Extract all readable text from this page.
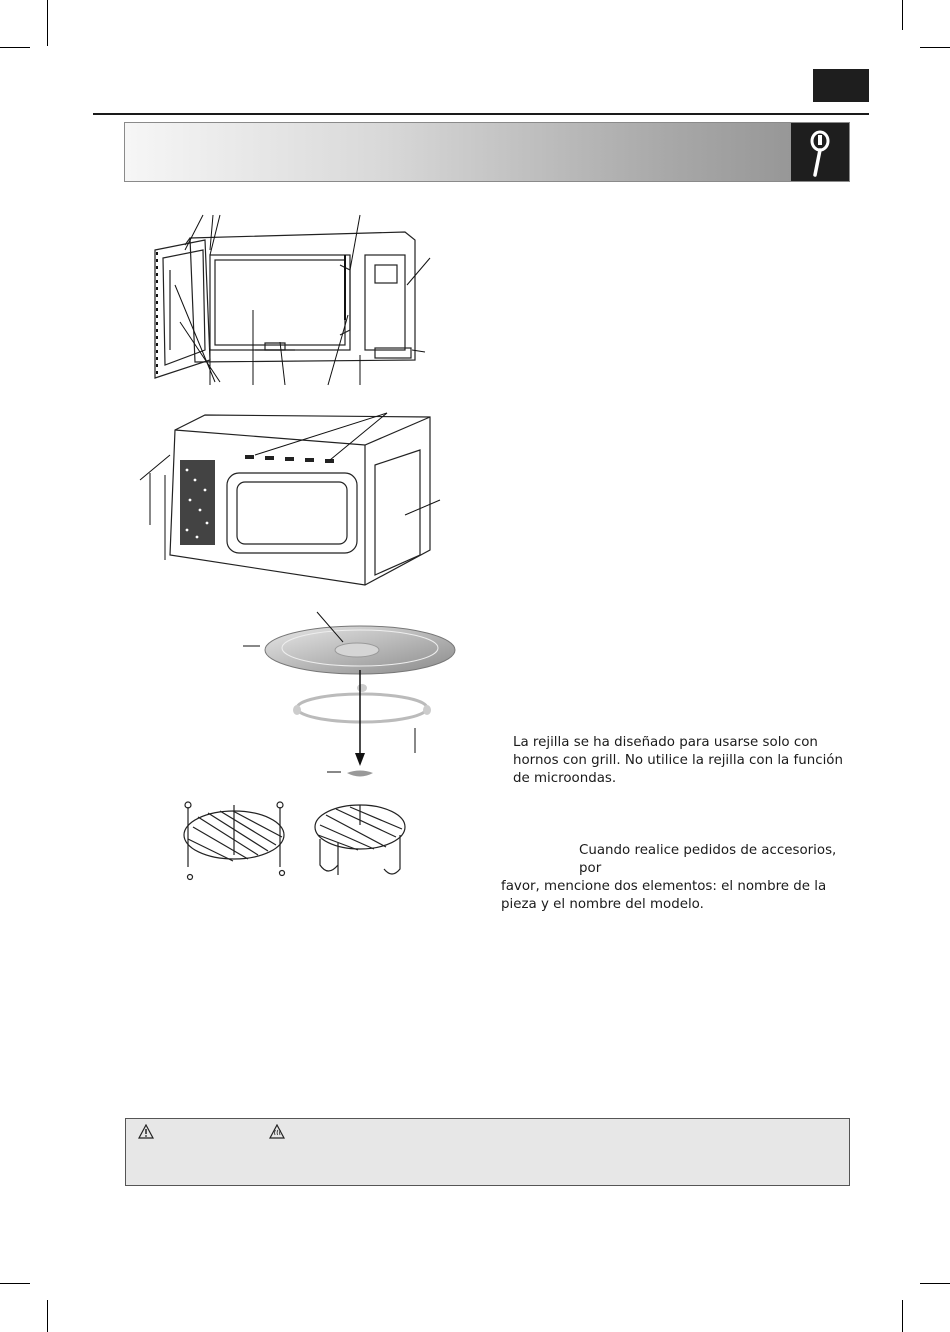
La rejilla se ha diseñado para usarse solo con

hornos con grill. No utilice la rejilla con la función

de microondas.

Cuando realice pedidos de accesorios, por

favor, mencione dos elementos: el nombre de la

pieza y el nombre del modelo.
